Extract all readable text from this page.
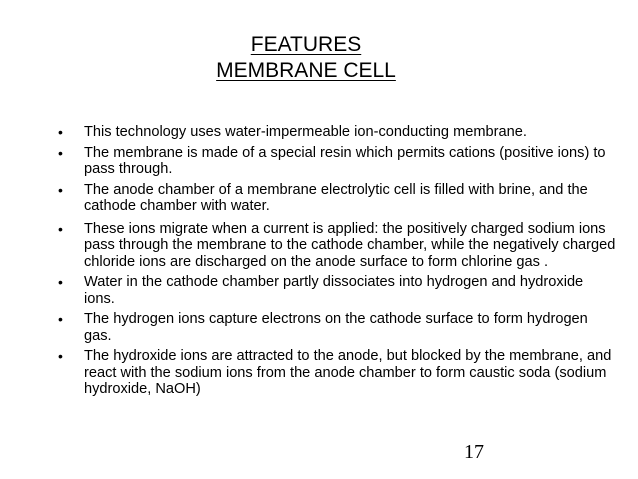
FEATURES
MEMBRANE CELL
• This technology uses water-impermeable ion-conducting membrane.
• The membrane is made of a special resin which permits cations (positive ions) to pass through.
• The anode chamber of a membrane electrolytic cell is filled with brine, and the cathode chamber with water.
• These ions migrate when a current is applied: the positively charged sodium ions pass through the membrane to the cathode chamber, while the negatively charged chloride ions are discharged on the anode surface to form chlorine gas .
• Water in the cathode chamber partly dissociates into hydrogen and hydroxide ions.
• The hydrogen ions capture electrons on the cathode surface to form hydrogen gas.
• The hydroxide ions are attracted to the anode, but blocked by the membrane, and react with the sodium ions from the anode chamber to form caustic soda (sodium hydroxide, NaOH)
17
